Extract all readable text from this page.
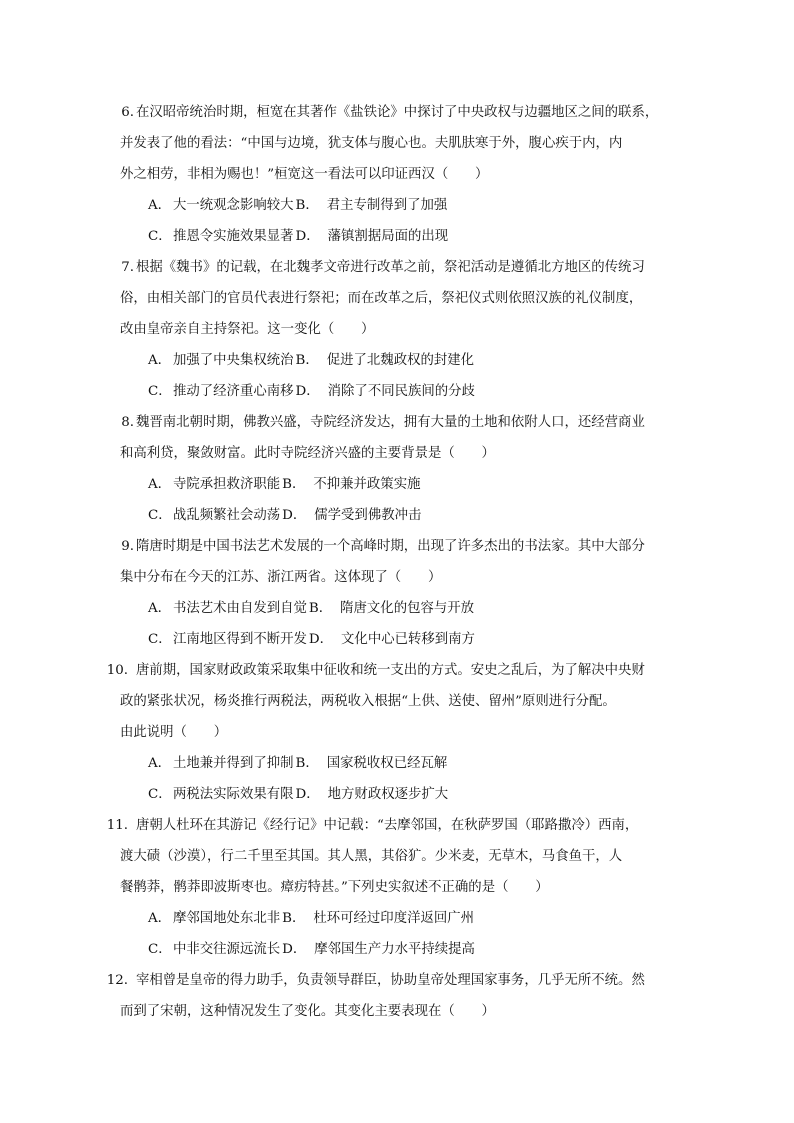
6. 在汉昭帝统治时期，桓宽在其著作《盐铁论》中探讨了中央政权与边疆地区之间的联系，
并发表了他的看法：“中国与边境，犹支体与腹心也。夫肌肤寒于外，腹心疾于内，内
外之相劳，非相为赐也！”桓宽这一看法可以印证西汉（　　）
A． 大一统观念影响较大 B． 君主专制得到了加强
C．推恩令实施效果显著 D． 藩镇割据局面的出现
7. 根据《魏书》的记载，在北魏孝文帝进行改革之前，祭祀活动是遵循北方地区的传统习
俗，由相关部门的官员代表进行祭祀；而在改革之后，祭祀仪式则依照汉族的礼仪制度，
改由皇帝亲自主持祭祀。这一变化（　　）
A． 加强了中央集权统治 B． 促进了北魏政权的封建化
C．推动了经济重心南移 D． 消除了不同民族间的分歧
8. 魏晋南北朝时期，佛教兴盛，寺院经济发达，拥有大量的土地和依附人口，还经营商业
和高利贷，聚敛财富。此时寺院经济兴盛的主要背景是（　　）
A． 寺院承担救济职能 B． 不抑兼并政策实施
C．战乱频繁社会动荡 D． 儒学受到佛教冲击
9. 隋唐时期是中国书法艺术发展的一个高峰时期，出现了许多杰出的书法家。其中大部分
集中分布在今天的江苏、浙江两省。这体现了（　　）
A． 书法艺术由自发到自觉 B． 隋唐文化的包容与开放
C．江南地区得到不断开发 D． 文化中心已转移到南方
10. 唐前期，国家财政政策采取集中征收和统一支出的方式。安史之乱后，为了解决中央财
政的紧张状况，杨炎推行两税法，两税收入根据“上供、送使、留州”原则进行分配。
由此说明（　　）
A． 土地兼并得到了抑制 B． 国家税收权已经瓦解
C．两税法实际效果有限 D． 地方财政权逐步扩大
11. 唐朝人杜环在其游记《经行记》中记载：“去摩邻国，在秋萨罗国（耶路撒冷）西南，
渡大碛（沙漠），行二千里至其国。其人黑，其俗犷。少米麦，无草木，马食鱼干，人
餐鹘莽，鹘莽即波斯枣也。瘴疠特甚。”下列史实叙述不正确的是（　　）
A． 摩邻国地处东北非 B． 杜环可经过印度洋返回广州
C．中非交往源远流长 D． 摩邻国生产力水平持续提高
12. 宰相曾是皇帝的得力助手，负责领导群臣，协助皇帝处理国家事务，几乎无所不统。然
而到了宋朝，这种情况发生了变化。其变化主要表现在（　　）
